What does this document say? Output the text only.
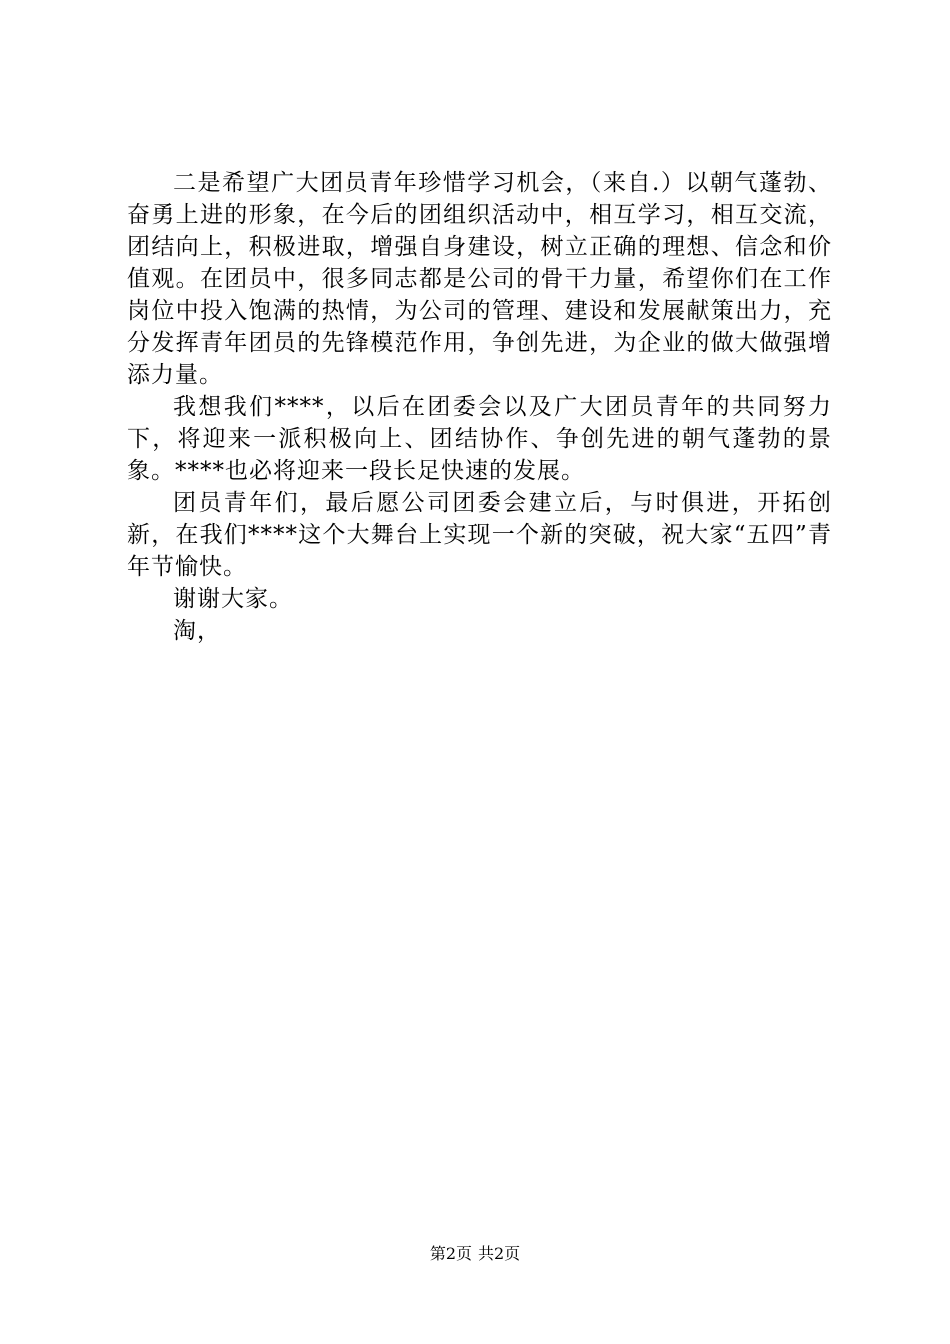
二是希望广大团员青年珍惜学习机会，（来自.）以朝气蓬勃、奋勇上进的形象，在今后的团组织活动中，相互学习，相互交流，团结向上，积极进取，增强自身建设，树立正确的理想、信念和价值观。在团员中，很多同志都是公司的骨干力量，希望你们在工作岗位中投入饱满的热情，为公司的管理、建设和发展献策出力，充分发挥青年团员的先锋模范作用，争创先进，为企业的做大做强增添力量。

我想我们****，以后在团委会以及广大团员青年的共同努力下，将迎来一派积极向上、团结协作、争创先进的朝气蓬勃的景象。****也必将迎来一段长足快速的发展。

团员青年们，最后愿公司团委会建立后，与时俱进，开拓创新，在我们****这个大舞台上实现一个新的突破，祝大家“五四”青年节愉快。

谢谢大家。

淘，

第2页 共2页
